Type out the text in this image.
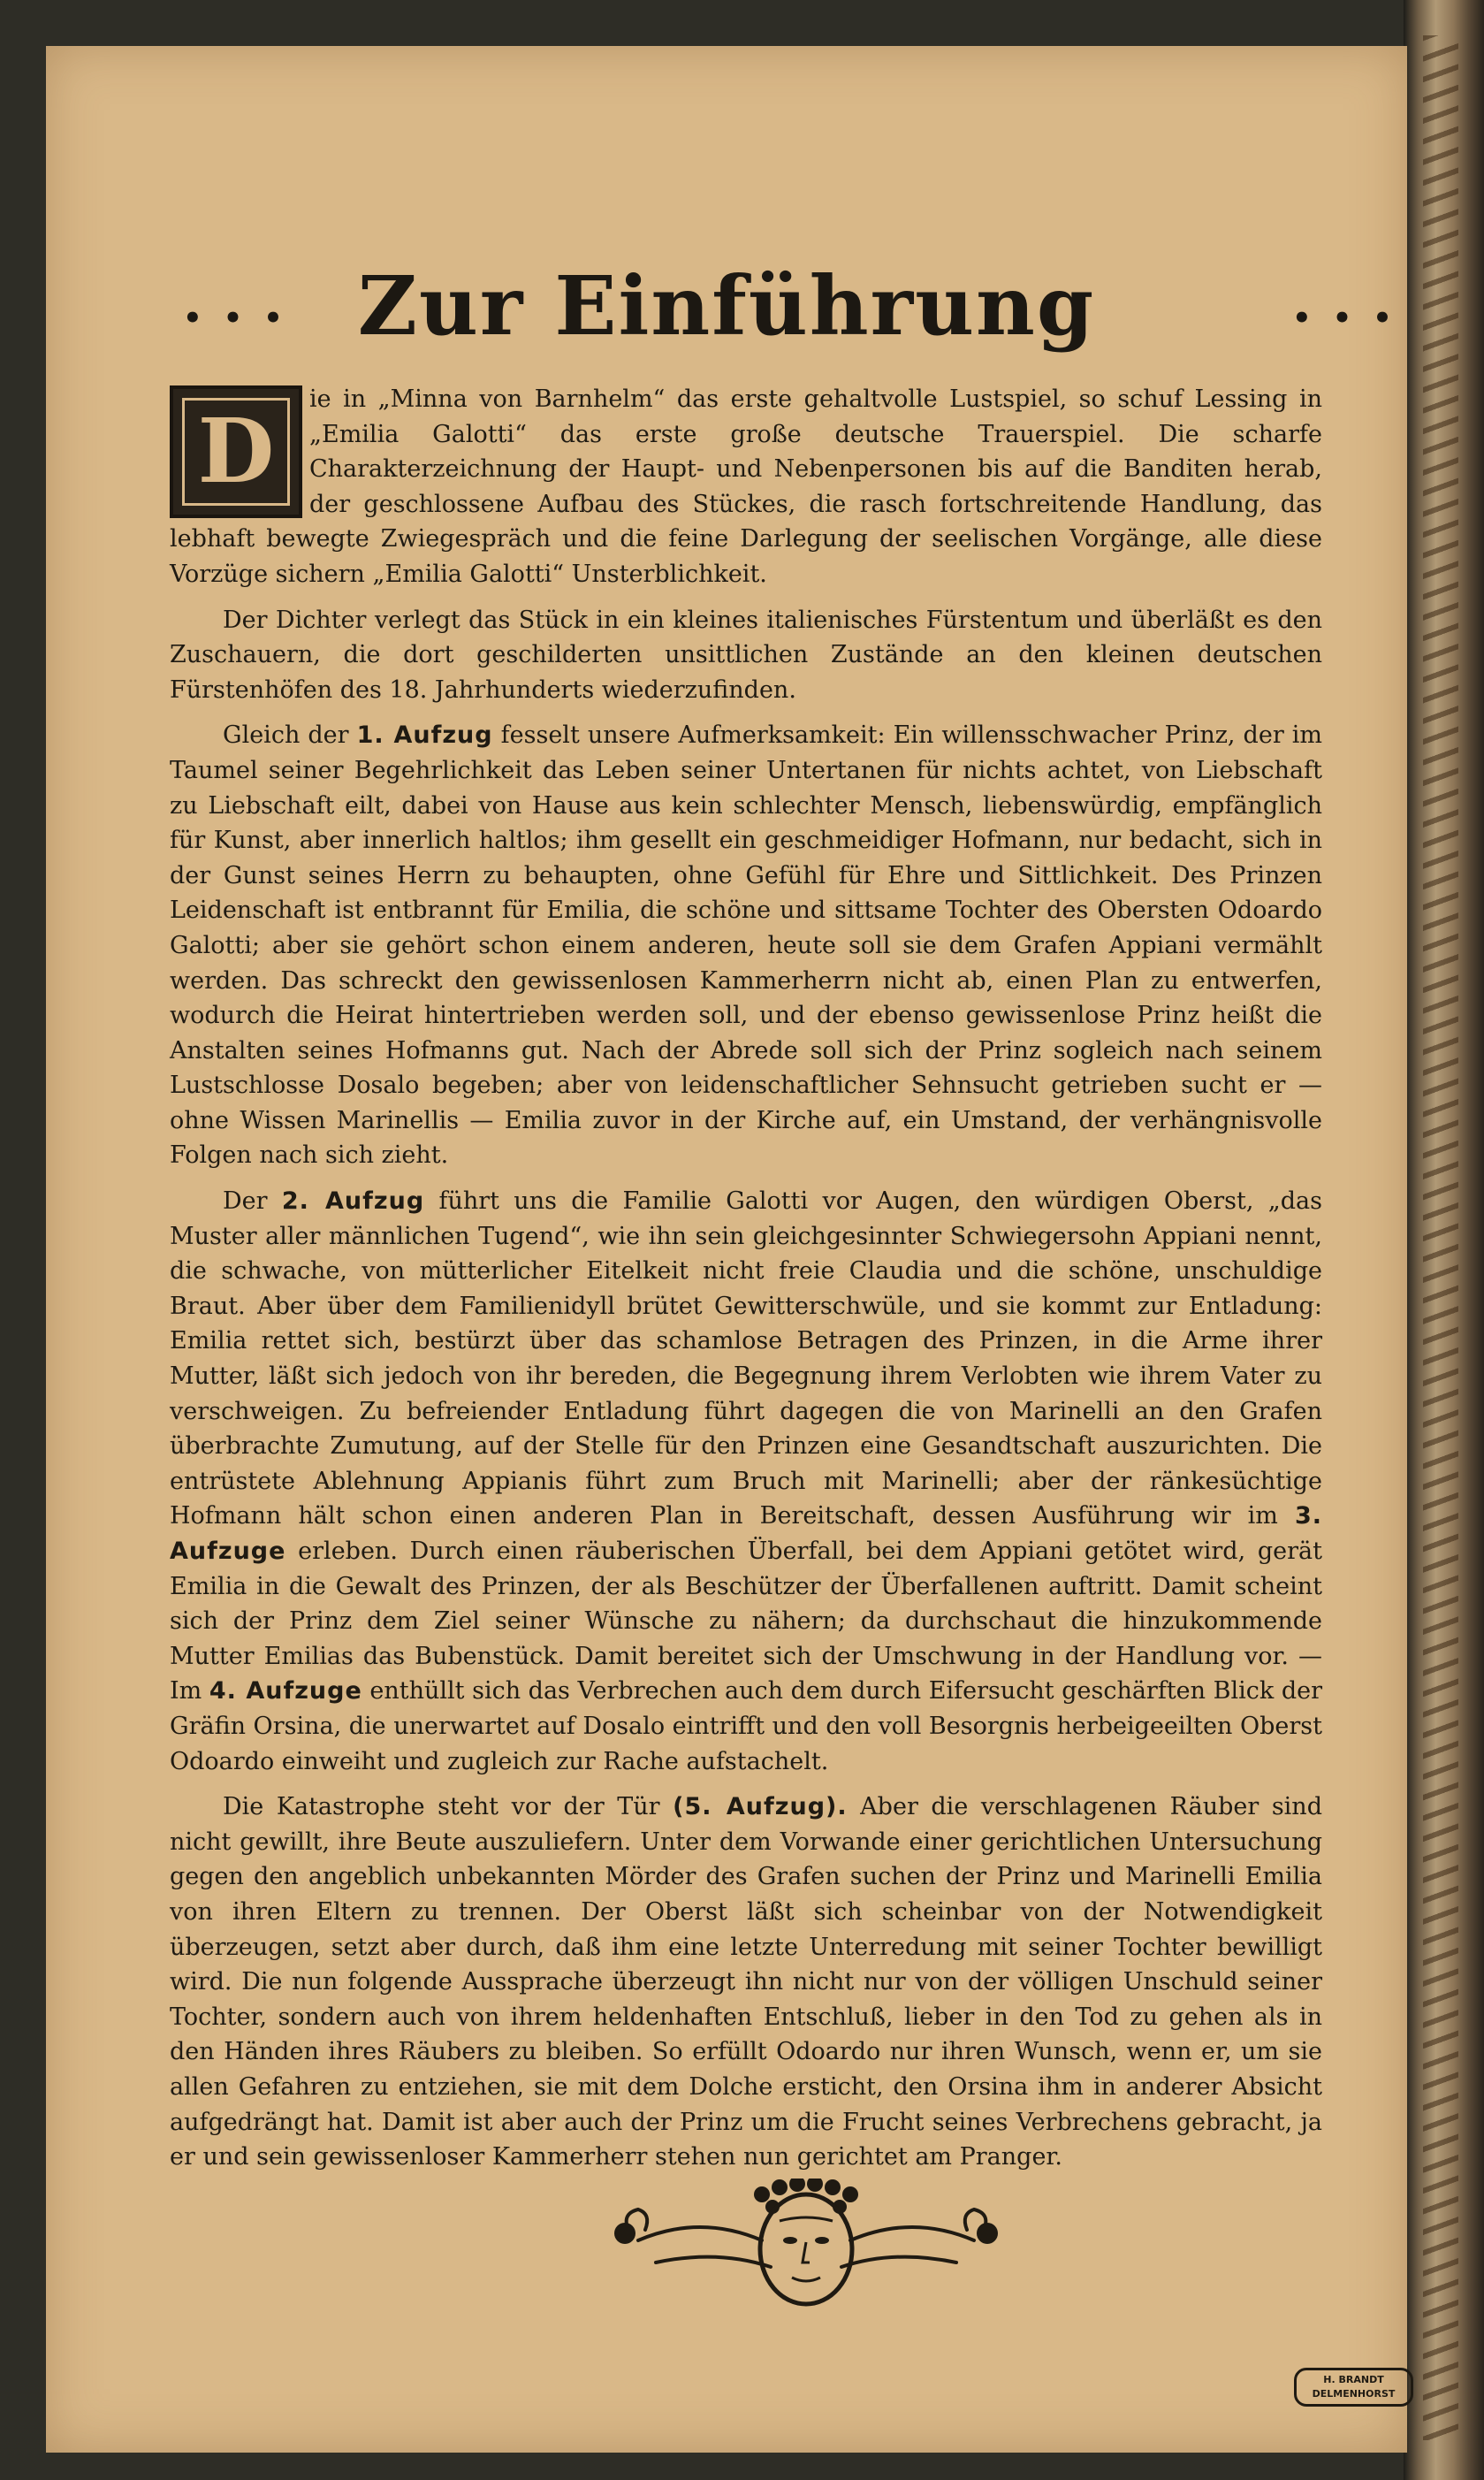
• • • Zur Einführung	• • •

D	ie in „Minna von Barnhelm“ das erste gehaltvolle Lustspiel, so schuf Lessing in „Emilia Galotti“ das erste große deutsche Trauerspiel. Die scharfe Charakterzeichnung der Haupt- und Nebenpersonen bis auf die Banditen herab, der geschlossene Aufbau des Stückes, die rasch fortschreitende Handlung, das lebhaft bewegte Zwiegespräch und die feine Darlegung der seelischen Vorgänge, alle diese Vorzüge sichern „Emilia Galotti“ Unsterblichkeit.

Der Dichter verlegt das Stück in ein kleines italienisches Fürstentum und überläßt es den Zuschauern, die dort geschilderten unsittlichen Zustände an den kleinen deutschen Fürstenhöfen des 18. Jahrhunderts wiederzufinden.

Gleich der 1. Aufzug fesselt unsere Aufmerksamkeit: Ein willensschwacher Prinz, der im Taumel seiner Begehrlichkeit das Leben seiner Untertanen für nichts achtet, von Liebschaft zu Liebschaft eilt, dabei von Hause aus kein schlechter Mensch, liebenswürdig, empfänglich für Kunst, aber innerlich haltlos; ihm gesellt ein geschmeidiger Hofmann, nur bedacht, sich in der Gunst seines Herrn zu behaupten, ohne Gefühl für Ehre und Sittlichkeit. Des Prinzen Leidenschaft ist entbrannt für Emilia, die schöne und sittsame Tochter des Obersten Odoardo Galotti; aber sie gehört schon einem anderen, heute soll sie dem Grafen Appiani vermählt werden. Das schreckt den gewissenlosen Kammerherrn nicht ab, einen Plan zu entwerfen, wodurch die Heirat hintertrieben werden soll, und der ebenso gewissenlose Prinz heißt die Anstalten seines Hofmanns gut. Nach der Abrede soll sich der Prinz sogleich nach seinem Lustschlosse Dosalo begeben; aber von leidenschaftlicher Sehnsucht getrieben sucht er — ohne Wissen Marinellis — Emilia zuvor in der Kirche auf, ein Umstand, der verhängnisvolle Folgen nach sich zieht.

Der 2. Aufzug führt uns die Familie Galotti vor Augen, den würdigen Oberst, „das Muster aller männlichen Tugend“, wie ihn sein gleichgesinnter Schwiegersohn Appiani nennt, die schwache, von mütterlicher Eitelkeit nicht freie Claudia und die schöne, unschuldige Braut. Aber über dem Familienidyll brütet Gewitterschwüle, und sie kommt zur Entladung: Emilia rettet sich, bestürzt über das schamlose Betragen des Prinzen, in die Arme ihrer Mutter, läßt sich jedoch von ihr bereden, die Begegnung ihrem Verlobten wie ihrem Vater zu verschweigen. Zu befreiender Entladung führt dagegen die von Marinelli an den Grafen überbrachte Zumutung, auf der Stelle für den Prinzen eine Gesandtschaft auszurichten. Die entrüstete Ablehnung Appianis führt zum Bruch mit Marinelli; aber der ränkesüchtige Hofmann hält schon einen anderen Plan in Bereitschaft, dessen Ausführung wir im 3. Aufzuge erleben. Durch einen räuberischen Überfall, bei dem Appiani getötet wird, gerät Emilia in die Gewalt des Prinzen, der als Beschützer der Überfallenen auftritt. Damit scheint sich der Prinz dem Ziel seiner Wünsche zu nähern; da durchschaut die hinzukommende Mutter Emilias das Bubenstück. Damit bereitet sich der Umschwung in der Handlung vor. — Im 4. Aufzuge enthüllt sich das Verbrechen auch dem durch Eifersucht geschärften Blick der Gräfin Orsina, die unerwartet auf Dosalo eintrifft und den voll Besorgnis herbeigeeilten Oberst Odoardo einweiht und zugleich zur Rache aufstachelt.

Die Katastrophe steht vor der Tür (5. Aufzug). Aber die verschlagenen Räuber sind nicht gewillt, ihre Beute auszuliefern. Unter dem Vorwande einer gerichtlichen Untersuchung gegen den angeblich unbekannten Mörder des Grafen suchen der Prinz und Marinelli Emilia von ihren Eltern zu trennen. Der Oberst läßt sich scheinbar von der Notwendigkeit überzeugen, setzt aber durch, daß ihm eine letzte Unterredung mit seiner Tochter bewilligt wird. Die nun folgende Aussprache überzeugt ihn nicht nur von der völligen Unschuld seiner Tochter, sondern auch von ihrem heldenhaften Entschluß, lieber in den Tod zu gehen als in den Händen ihres Räubers zu bleiben. So erfüllt Odoardo nur ihren Wunsch, wenn er, um sie allen Gefahren zu entziehen, sie mit dem Dolche ersticht, den Orsina ihm in anderer Absicht aufgedrängt hat. Damit ist aber auch der Prinz um die Frucht seines Verbrechens gebracht, ja er und sein gewissenloser Kammerherr stehen nun gerichtet am Pranger.

H. BRANDT
DELMENHORST
